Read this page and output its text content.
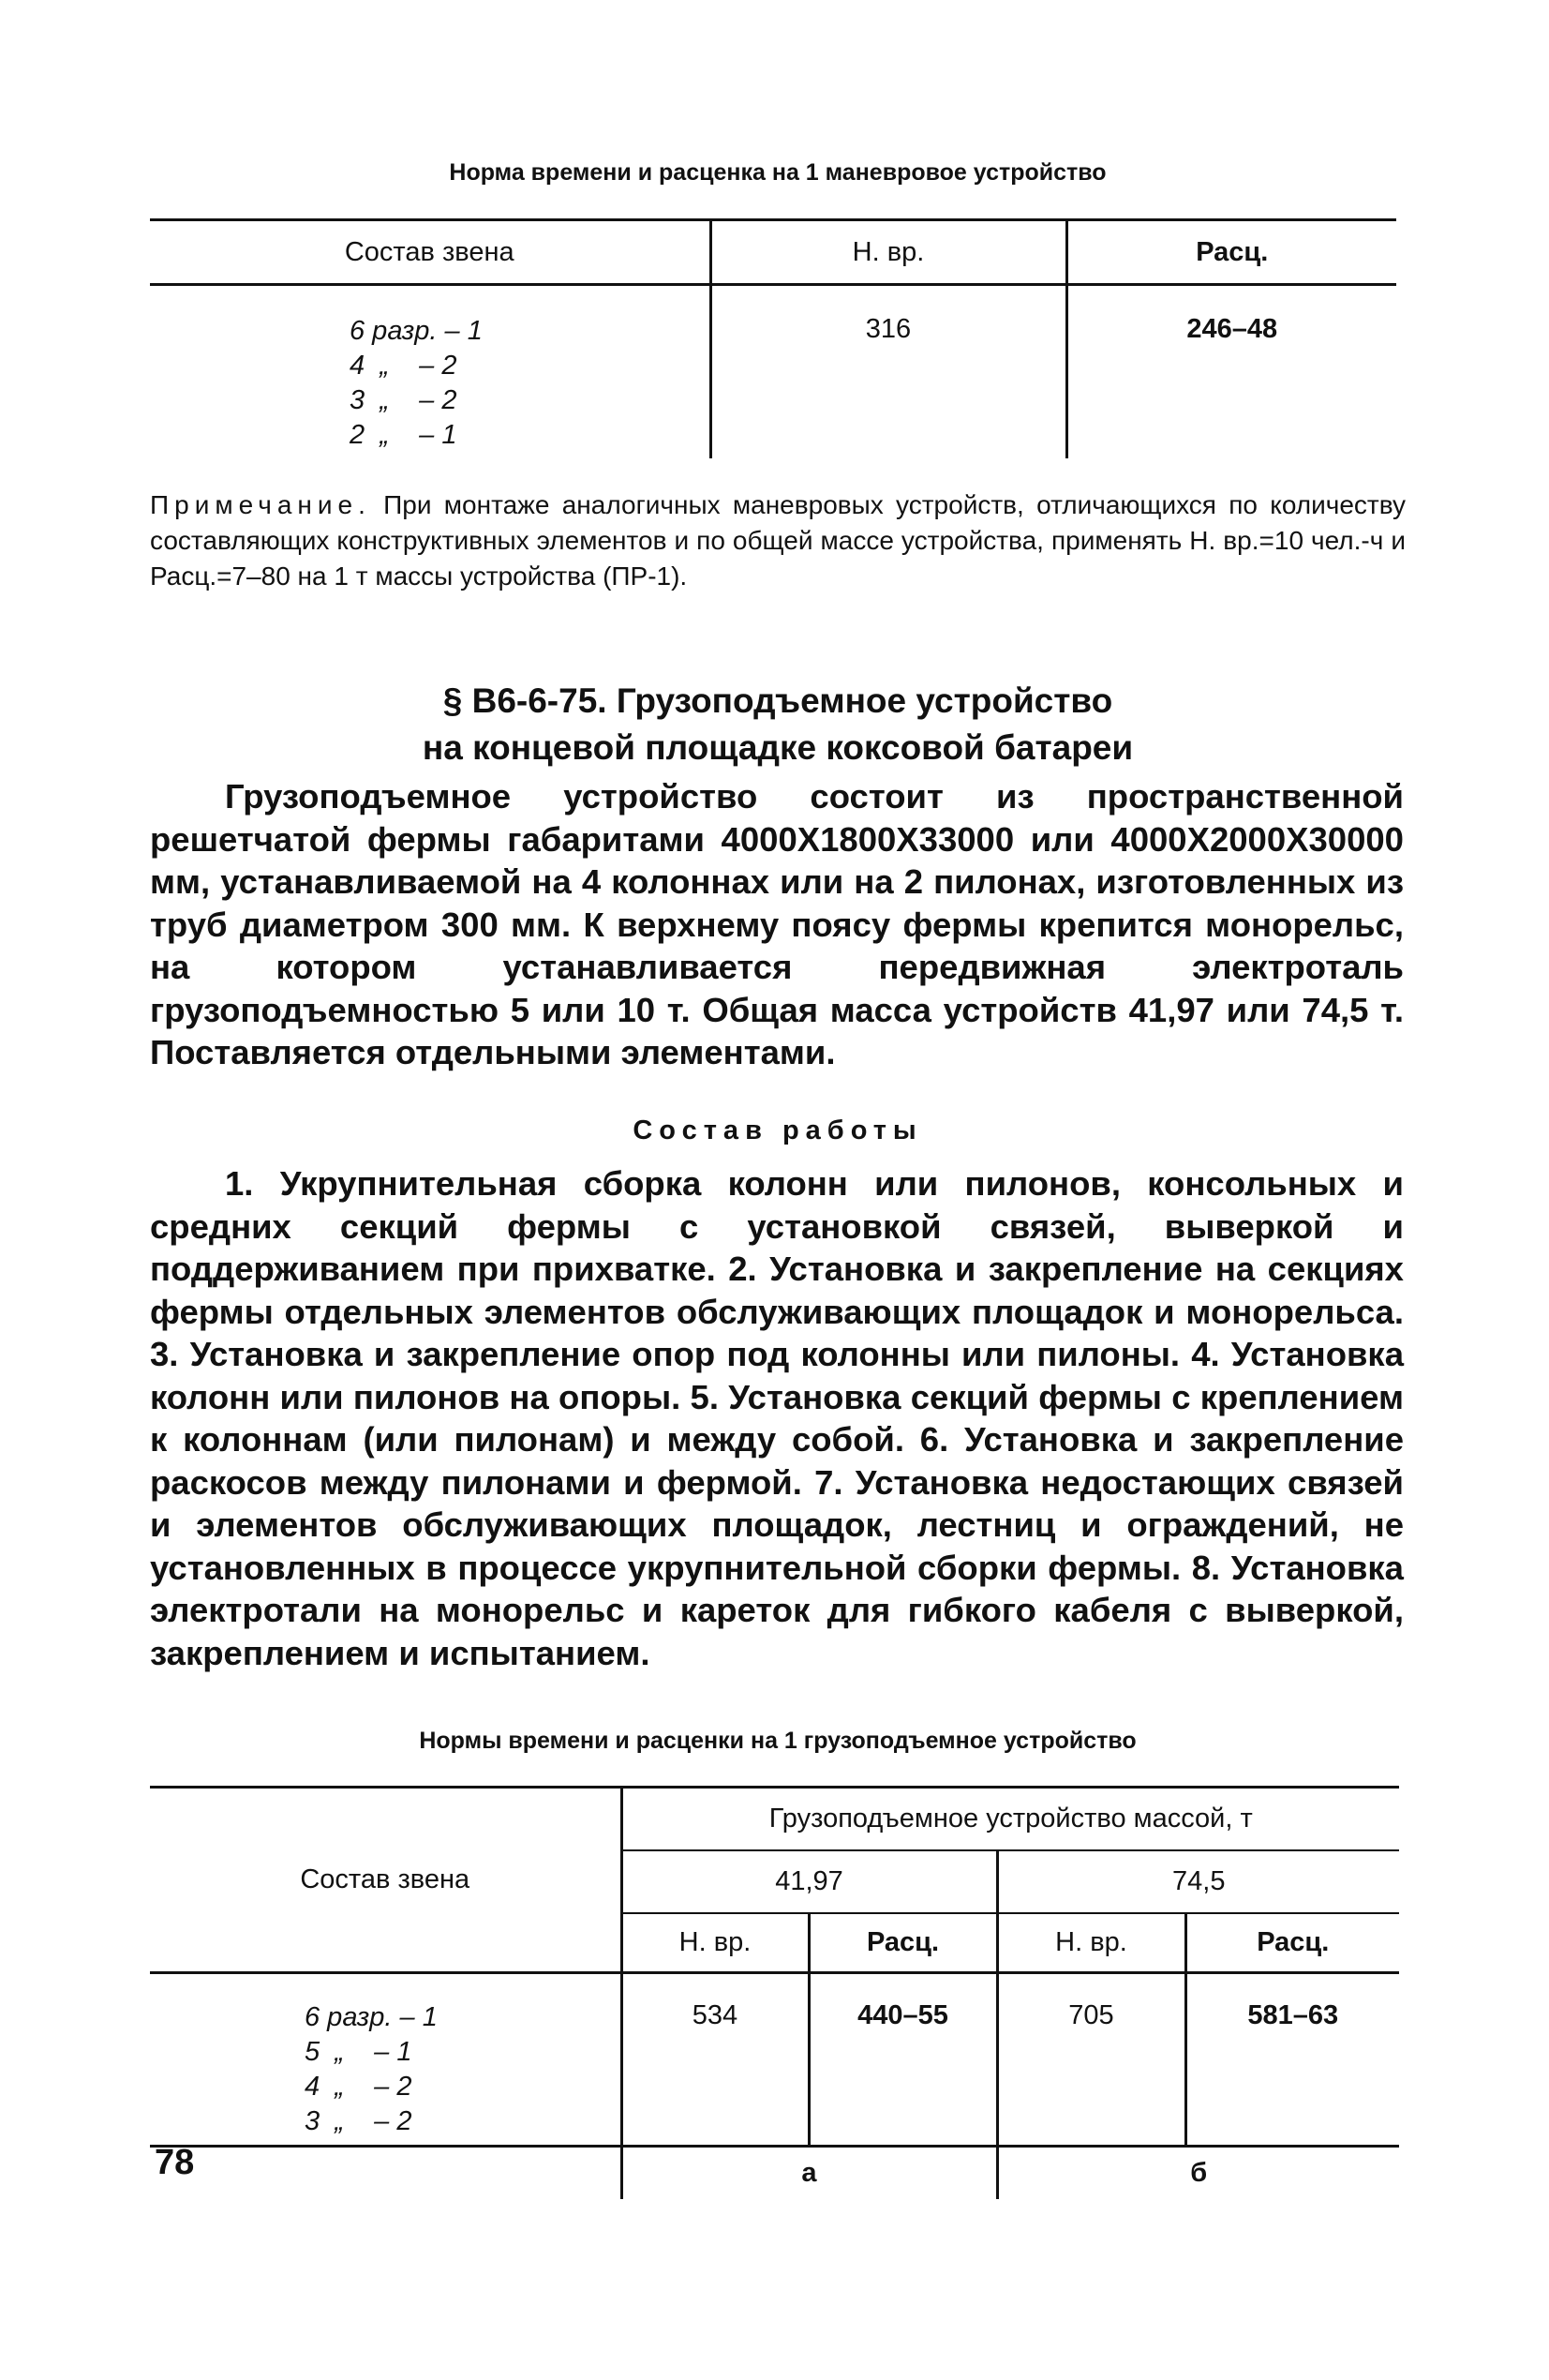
Норма времени и расценка на 1 маневровое устройство
Состав звена	Н. вр.	Расц.

6 разр. – 1
4  „    – 2
3  „    – 2
2  „    – 1	316	246–48
Примечание. При монтаже аналогичных маневровых устройств, отличающихся по количеству составляющих конструктивных элементов и по общей массе устройства, применять Н. вр.=10 чел.-ч и Расц.=7–80 на 1 т массы устройства (ПР-1).
§ В6-6-75. Грузоподъемное устройство
на концевой площадке коксовой батареи
Грузоподъемное устройство состоит из пространственной решетчатой фермы габаритами 4000Х1800Х33000 или 4000Х2000Х30000 мм, устанавливаемой на 4 колоннах или на 2 пилонах, изготовленных из труб диаметром 300 мм. К верхнему поясу фермы крепится монорельс, на котором устанавливается передвижная электроталь грузоподъемностью 5 или 10 т. Общая масса устройств 41,97 или 74,5 т. Поставляется отдельными элементами.
Состав работы
1. Укрупнительная сборка колонн или пилонов, консольных и средних секций фермы с установкой связей, выверкой и поддерживанием при прихватке. 2. Установка и закрепление на секциях фермы отдельных элементов обслуживающих площадок и монорельса. 3. Установка и закрепление опор под колонны или пилоны. 4. Установка колонн или пилонов на опоры. 5. Установка секций фермы с креплением к колоннам (или пилонам) и между собой. 6. Установка и закрепление раскосов между пилонами и фермой. 7. Установка недостающих связей и элементов обслуживающих площадок, лестниц и ограждений, не установленных в процессе укрупнительной сборки фермы. 8. Установка электротали на монорельс и кареток для гибкого кабеля с выверкой, закреплением и испытанием.
Нормы времени и расценки на 1 грузоподъемное устройство
Состав звена	Грузоподъемное устройство массой, т			
	41,97		74,5	
	Н. вр.	Расц.	Н. вр.	Расц.

6 разр. – 1
5  „    – 1
4  „    – 2
3  „    – 2	534	440–55	705	581–63
	а		б	
78
